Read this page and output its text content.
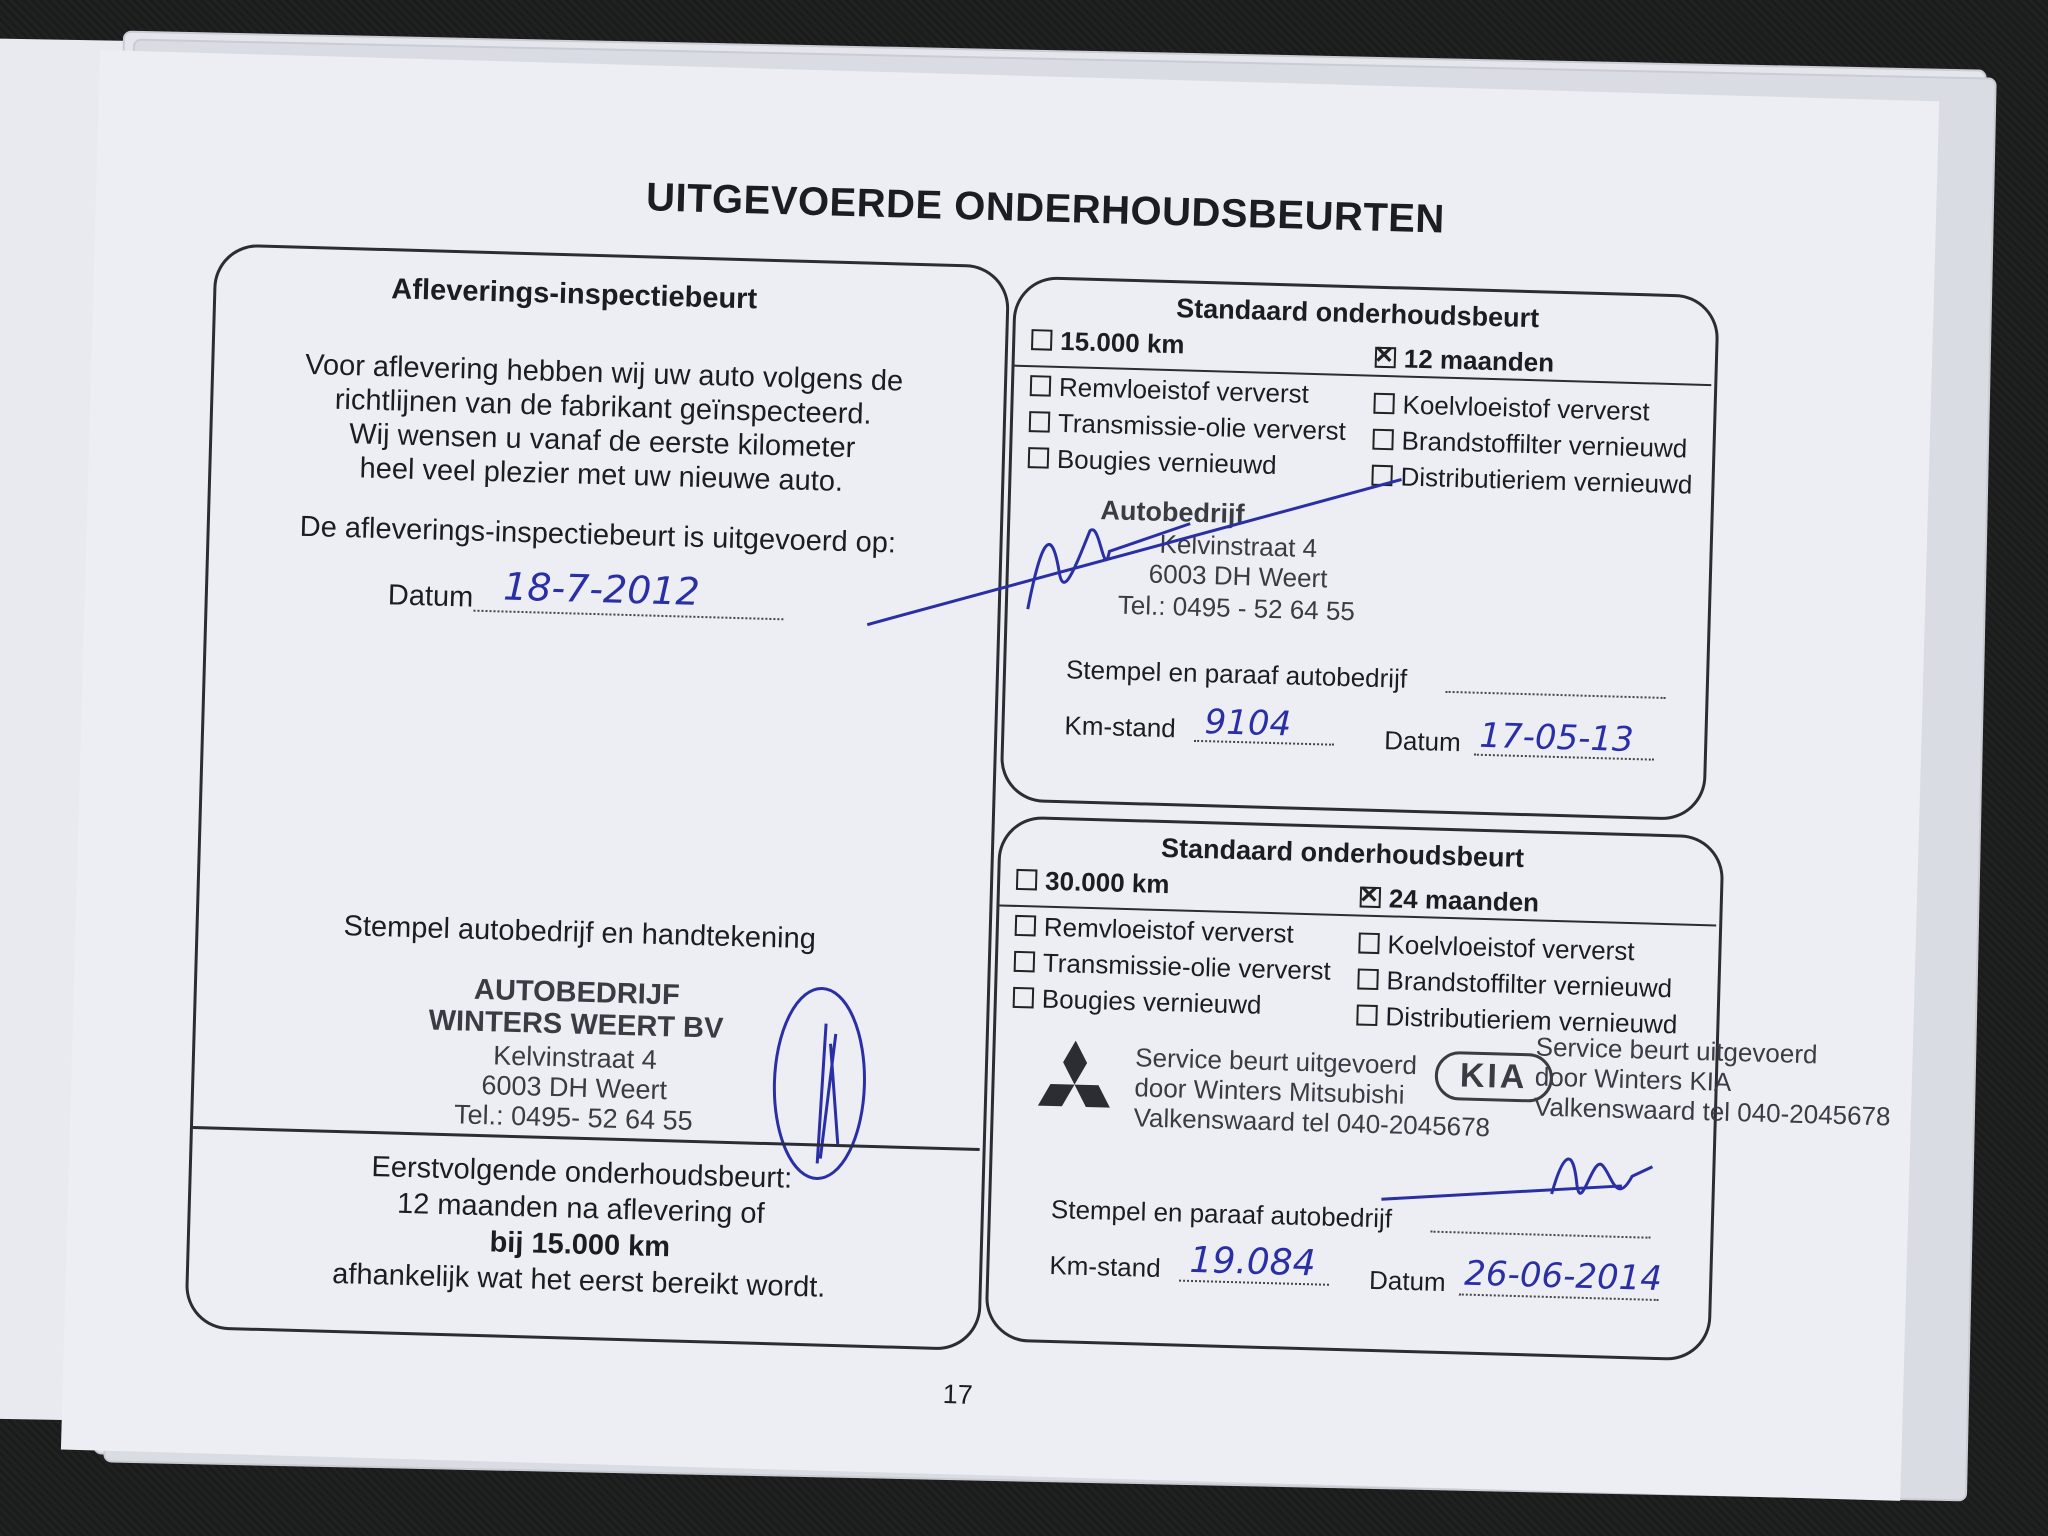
UITGEVOERDE ONDERHOUDSBEURTEN
Afleverings-inspectiebeurt
Voor aflevering hebben wij uw auto volgens de
richtlijnen van de fabrikant geïnspecteerd.
Wij wensen u vanaf de eerste kilometer
heel veel plezier met uw nieuwe auto.
De afleverings-inspectiebeurt is uitgevoerd op:
Datum 18-7-2012
Stempel autobedrijf en handtekening
AUTOBEDRIJF
WINTERS WEERT BV
Kelvinstraat 4
6003 DH Weert
Tel.: 0495- 52 64 55
Eerstvolgende onderhoudsbeurt:
12 maanden na aflevering of
bij 15.000 km
afhankelijk wat het eerst bereikt wordt.
Standaard onderhoudsbeurt
15.000 km
✕12 maanden
Remvloeistof ververst
Transmissie-olie ververst
Bougies vernieuwd
Koelvloeistof ververst
Brandstoffilter vernieuwd
Distributieriem vernieuwd
Autobedrijf
Kelvinstraat 4
6003 DH Weert
Tel.: 0495 - 52 64 55
Stempel en paraaf autobedrijf
Km-stand 9104	Datum 17-05-13
Standaard onderhoudsbeurt
30.000 km
✕24 maanden
Remvloeistof ververst
Transmissie-olie ververst
Bougies vernieuwd
Koelvloeistof ververst
Brandstoffilter vernieuwd
Distributieriem vernieuwd
Service beurt uitgevoerd
door Winters Mitsubishi
Valkenswaard tel 040-2045678
KIA
Service beurt uitgevoerd
door Winters KIA
Valkenswaard tel 040-2045678
Stempel en paraaf autobedrijf
Km-stand 19.084 Datum 26-06-2014
17
